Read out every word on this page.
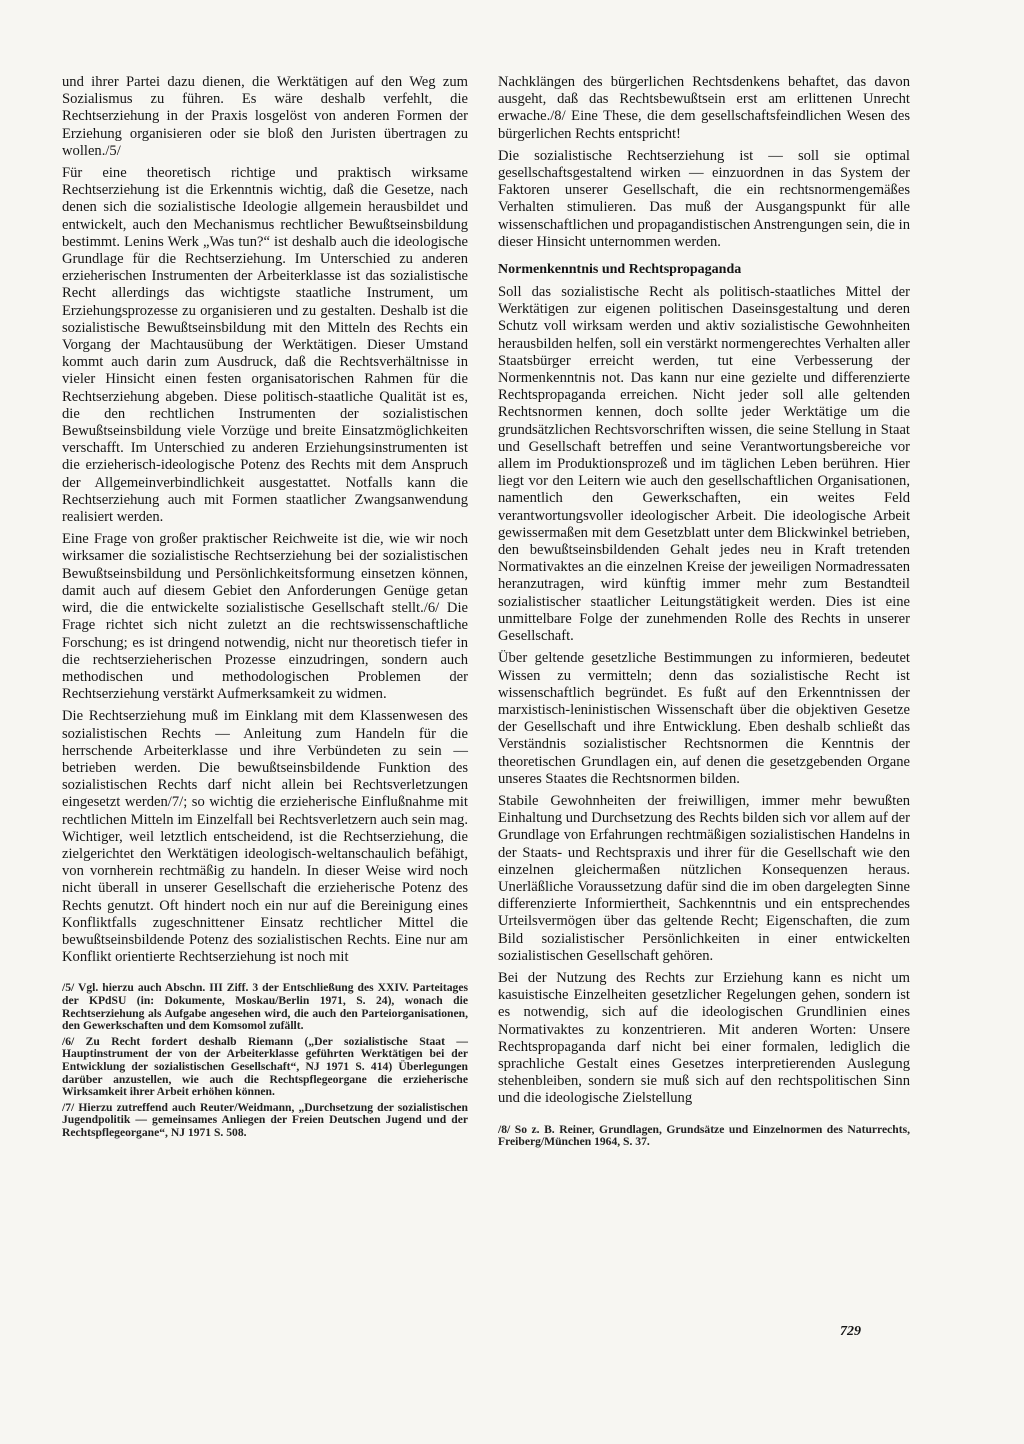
und ihrer Partei dazu dienen, die Werktätigen auf den Weg zum Sozialismus zu führen. Es wäre deshalb verfehlt, die Rechtserziehung in der Praxis losgelöst von anderen Formen der Erziehung organisieren oder sie bloß den Juristen übertragen zu wollen./5/

Für eine theoretisch richtige und praktisch wirksame Rechtserziehung ist die Erkenntnis wichtig, daß die Gesetze, nach denen sich die sozialistische Ideologie allgemein herausbildet und entwickelt, auch den Mechanismus rechtlicher Bewußtseinsbildung bestimmt. Lenins Werk „Was tun?“ ist deshalb auch die ideologische Grundlage für die Rechtserziehung. Im Unterschied zu anderen erzieherischen Instrumenten der Arbeiterklasse ist das sozialistische Recht allerdings das wichtigste staatliche Instrument, um Erziehungsprozesse zu organisieren und zu gestalten. Deshalb ist die sozialistische Bewußtseinsbildung mit den Mitteln des Rechts ein Vorgang der Machtausübung der Werktätigen. Dieser Umstand kommt auch darin zum Ausdruck, daß die Rechtsverhältnisse in vieler Hinsicht einen festen organisatorischen Rahmen für die Rechtserziehung abgeben. Diese politisch-staatliche Qualität ist es, die den rechtlichen Instrumenten der sozialistischen Bewußtseinsbildung viele Vorzüge und breite Einsatzmöglichkeiten verschafft. Im Unterschied zu anderen Erziehungsinstrumenten ist die erzieherisch-ideologische Potenz des Rechts mit dem Anspruch der Allgemeinverbindlichkeit ausgestattet. Notfalls kann die Rechtserziehung auch mit Formen staatlicher Zwangsanwendung realisiert werden.

Eine Frage von großer praktischer Reichweite ist die, wie wir noch wirksamer die sozialistische Rechtserziehung bei der sozialistischen Bewußtseinsbildung und Persönlichkeitsformung einsetzen können, damit auch auf diesem Gebiet den Anforderungen Genüge getan wird, die die entwickelte sozialistische Gesellschaft stellt./6/ Die Frage richtet sich nicht zuletzt an die rechtswissenschaftliche Forschung; es ist dringend notwendig, nicht nur theoretisch tiefer in die rechtserzieherischen Prozesse einzudringen, sondern auch methodischen und methodologischen Problemen der Rechtserziehung verstärkt Aufmerksamkeit zu widmen.

Die Rechtserziehung muß im Einklang mit dem Klassenwesen des sozialistischen Rechts — Anleitung zum Handeln für die herrschende Arbeiterklasse und ihre Verbündeten zu sein — betrieben werden. Die bewußtseinsbildende Funktion des sozialistischen Rechts darf nicht allein bei Rechtsverletzungen eingesetzt werden/7/; so wichtig die erzieherische Einflußnahme mit rechtlichen Mitteln im Einzelfall bei Rechtsverletzern auch sein mag. Wichtiger, weil letztlich entscheidend, ist die Rechtserziehung, die zielgerichtet den Werktätigen ideologisch-weltanschaulich befähigt, von vornherein rechtmäßig zu handeln. In dieser Weise wird noch nicht überall in unserer Gesellschaft die erzieherische Potenz des Rechts genutzt. Oft hindert noch ein nur auf die Bereinigung eines Konfliktfalls zugeschnittener Einsatz rechtlicher Mittel die bewußtseinsbildende Potenz des sozialistischen Rechts. Eine nur am Konflikt orientierte Rechtserziehung ist noch mit

/5/ Vgl. hierzu auch Abschn. III Ziff. 3 der Entschließung des XXIV. Parteitages der KPdSU (in: Dokumente, Moskau/Berlin 1971, S. 24), wonach die Rechtserziehung als Aufgabe angesehen wird, die auch den Parteiorganisationen, den Gewerkschaften und dem Komsomol zufällt.

/6/ Zu Recht fordert deshalb Riemann („Der sozialistische Staat — Hauptinstrument der von der Arbeiterklasse geführten Werktätigen bei der Entwicklung der sozialistischen Gesellschaft“, NJ 1971 S. 414) Überlegungen darüber anzustellen, wie auch die Rechtspflegeorgane die erzieherische Wirksamkeit ihrer Arbeit erhöhen können.

/7/ Hierzu zutreffend auch Reuter/Weidmann, „Durchsetzung der sozialistischen Jugendpolitik — gemeinsames Anliegen der Freien Deutschen Jugend und der Rechtspflegeorgane“, NJ 1971 S. 508.

Nachklängen des bürgerlichen Rechtsdenkens behaftet, das davon ausgeht, daß das Rechtsbewußtsein erst am erlittenen Unrecht erwache./8/ Eine These, die dem gesellschaftsfeindlichen Wesen des bürgerlichen Rechts entspricht!

Die sozialistische Rechtserziehung ist — soll sie optimal gesellschaftsgestaltend wirken — einzuordnen in das System der Faktoren unserer Gesellschaft, die ein rechtsnormengemäßes Verhalten stimulieren. Das muß der Ausgangspunkt für alle wissenschaftlichen und propagandistischen Anstrengungen sein, die in dieser Hinsicht unternommen werden.

Normenkenntnis und Rechtspropaganda

Soll das sozialistische Recht als politisch-staatliches Mittel der Werktätigen zur eigenen politischen Daseinsgestaltung und deren Schutz voll wirksam werden und aktiv sozialistische Gewohnheiten herausbilden helfen, soll ein verstärkt normengerechtes Verhalten aller Staatsbürger erreicht werden, tut eine Verbesserung der Normenkenntnis not. Das kann nur eine gezielte und differenzierte Rechtspropaganda erreichen. Nicht jeder soll alle geltenden Rechtsnormen kennen, doch sollte jeder Werktätige um die grundsätzlichen Rechtsvorschriften wissen, die seine Stellung in Staat und Gesellschaft betreffen und seine Verantwortungsbereiche vor allem im Produktionsprozeß und im täglichen Leben berühren. Hier liegt vor den Leitern wie auch den gesellschaftlichen Organisationen, namentlich den Gewerkschaften, ein weites Feld verantwortungsvoller ideologischer Arbeit. Die ideologische Arbeit gewissermaßen mit dem Gesetzblatt unter dem Blickwinkel betrieben, den bewußtseinsbildenden Gehalt jedes neu in Kraft tretenden Normativaktes an die einzelnen Kreise der jeweiligen Normadressaten heranzutragen, wird künftig immer mehr zum Bestandteil sozialistischer staatlicher Leitungstätigkeit werden. Dies ist eine unmittelbare Folge der zunehmenden Rolle des Rechts in unserer Gesellschaft.

Über geltende gesetzliche Bestimmungen zu informieren, bedeutet Wissen zu vermitteln; denn das sozialistische Recht ist wissenschaftlich begründet. Es fußt auf den Erkenntnissen der marxistisch-leninistischen Wissenschaft über die objektiven Gesetze der Gesellschaft und ihre Entwicklung. Eben deshalb schließt das Verständnis sozialistischer Rechtsnormen die Kenntnis der theoretischen Grundlagen ein, auf denen die gesetzgebenden Organe unseres Staates die Rechtsnormen bilden.

Stabile Gewohnheiten der freiwilligen, immer mehr bewußten Einhaltung und Durchsetzung des Rechts bilden sich vor allem auf der Grundlage von Erfahrungen rechtmäßigen sozialistischen Handelns in der Staats- und Rechtspraxis und ihrer für die Gesellschaft wie den einzelnen gleichermaßen nützlichen Konsequenzen heraus. Unerläßliche Voraussetzung dafür sind die im oben dargelegten Sinne differenzierte Informiertheit, Sachkenntnis und ein entsprechendes Urteilsvermögen über das geltende Recht; Eigenschaften, die zum Bild sozialistischer Persönlichkeiten in einer entwickelten sozialistischen Gesellschaft gehören.

Bei der Nutzung des Rechts zur Erziehung kann es nicht um kasuistische Einzelheiten gesetzlicher Regelungen gehen, sondern ist es notwendig, sich auf die ideologischen Grundlinien eines Normativaktes zu konzentrieren. Mit anderen Worten: Unsere Rechtspropaganda darf nicht bei einer formalen, lediglich die sprachliche Gestalt eines Gesetzes interpretierenden Auslegung stehenbleiben, sondern sie muß sich auf den rechtspolitischen Sinn und die ideologische Zielstellung

/8/ So z. B. Reiner, Grundlagen, Grundsätze und Einzelnormen des Naturrechts, Freiberg/München 1964, S. 37.

729
